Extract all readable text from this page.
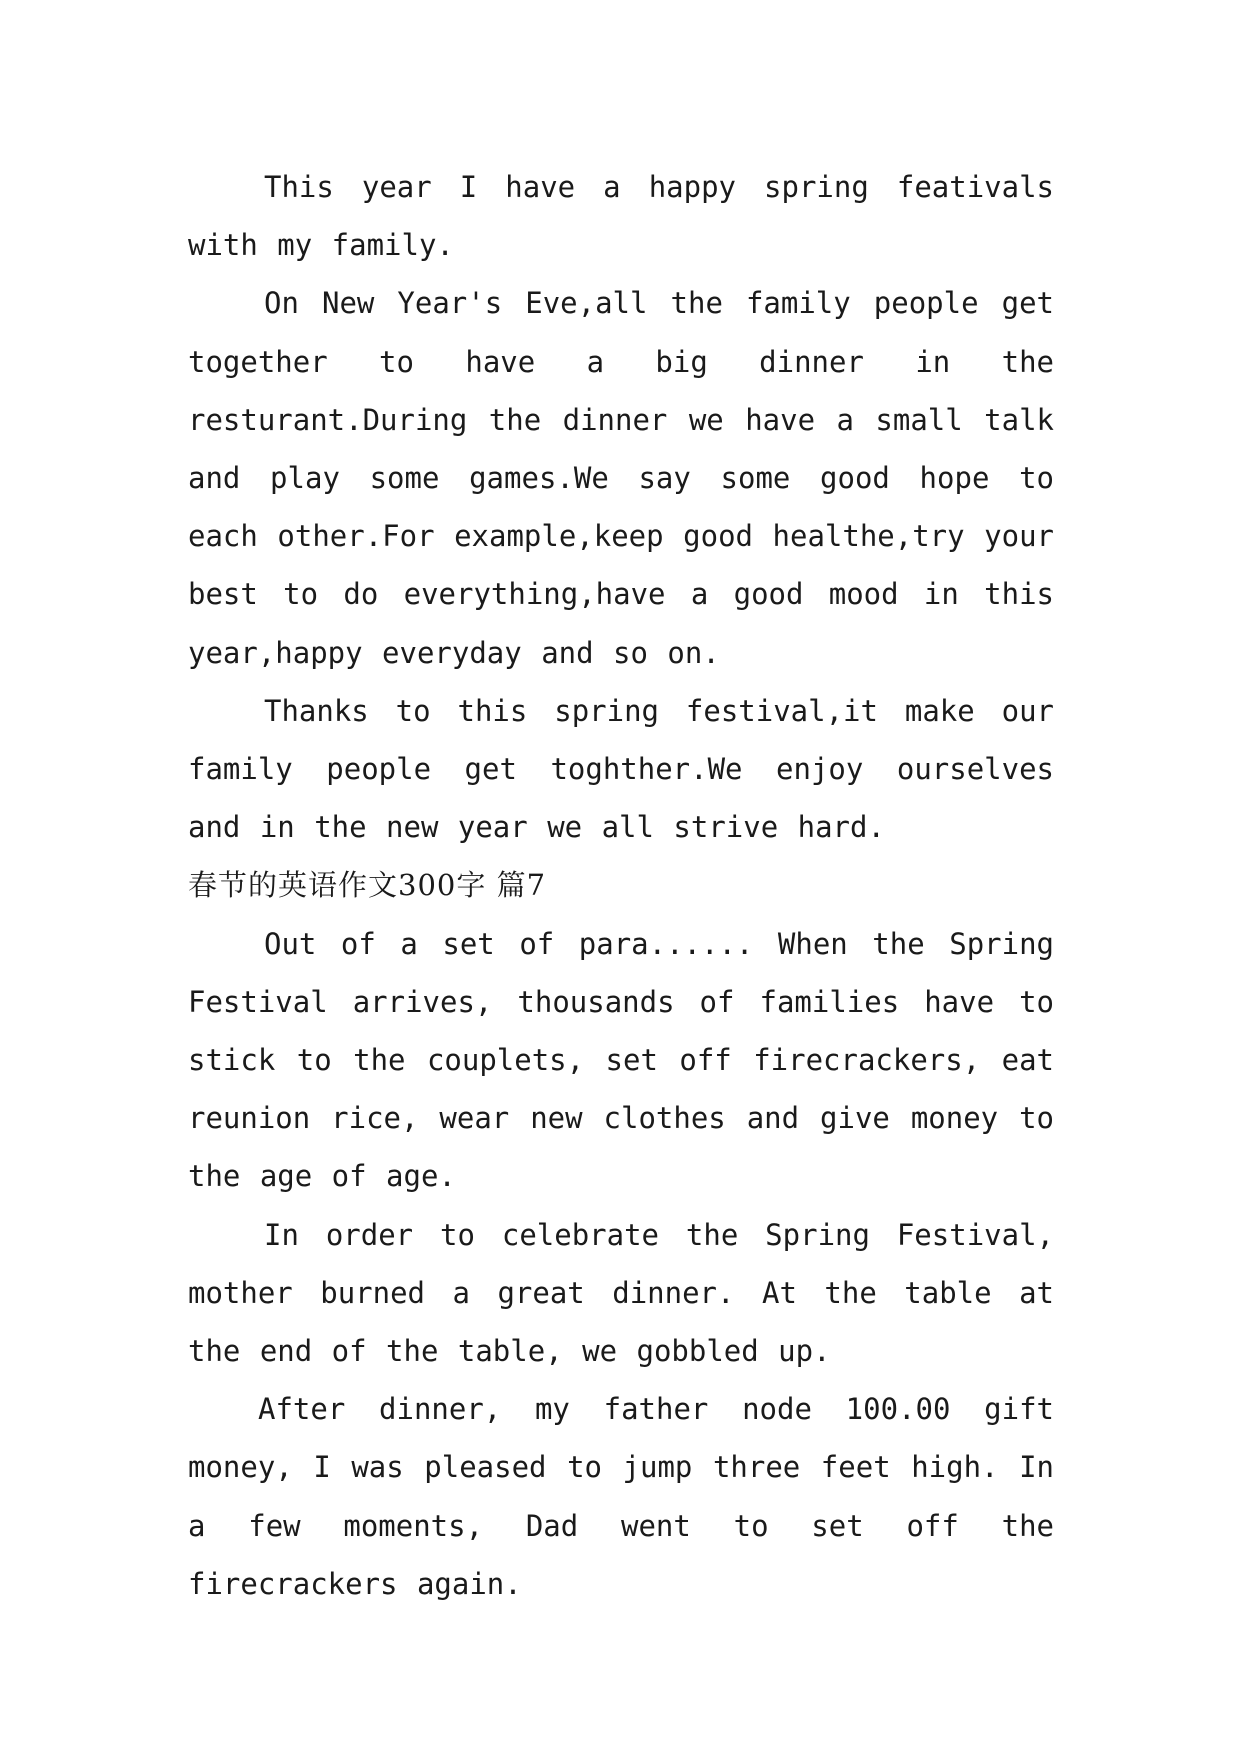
This year I have a happy spring feativals with my family.

On New Year's Eve,all the family people get together to have a big dinner in the resturant.During the dinner we have a small talk and play some games.We say some good hope to each other.For example,keep good healthe,try your best to do everything,have a good mood in this year,happy everyday and so on.

Thanks to this spring festival,it make our family people get toghther.We enjoy ourselves and in the new year we all strive hard.

春节的英语作文300字 篇7

Out of a set of para...... When the Spring Festival arrives, thousands of families have to stick to the couplets, set off firecrackers, eat reunion rice, wear new clothes and give money to the age of age.

In order to celebrate the Spring Festival, mother burned a great dinner. At the table at the end of the table, we gobbled up.

After dinner, my father node 100.00 gift money, I was pleased to jump three feet high. In a few moments, Dad went to set off the firecrackers again.
